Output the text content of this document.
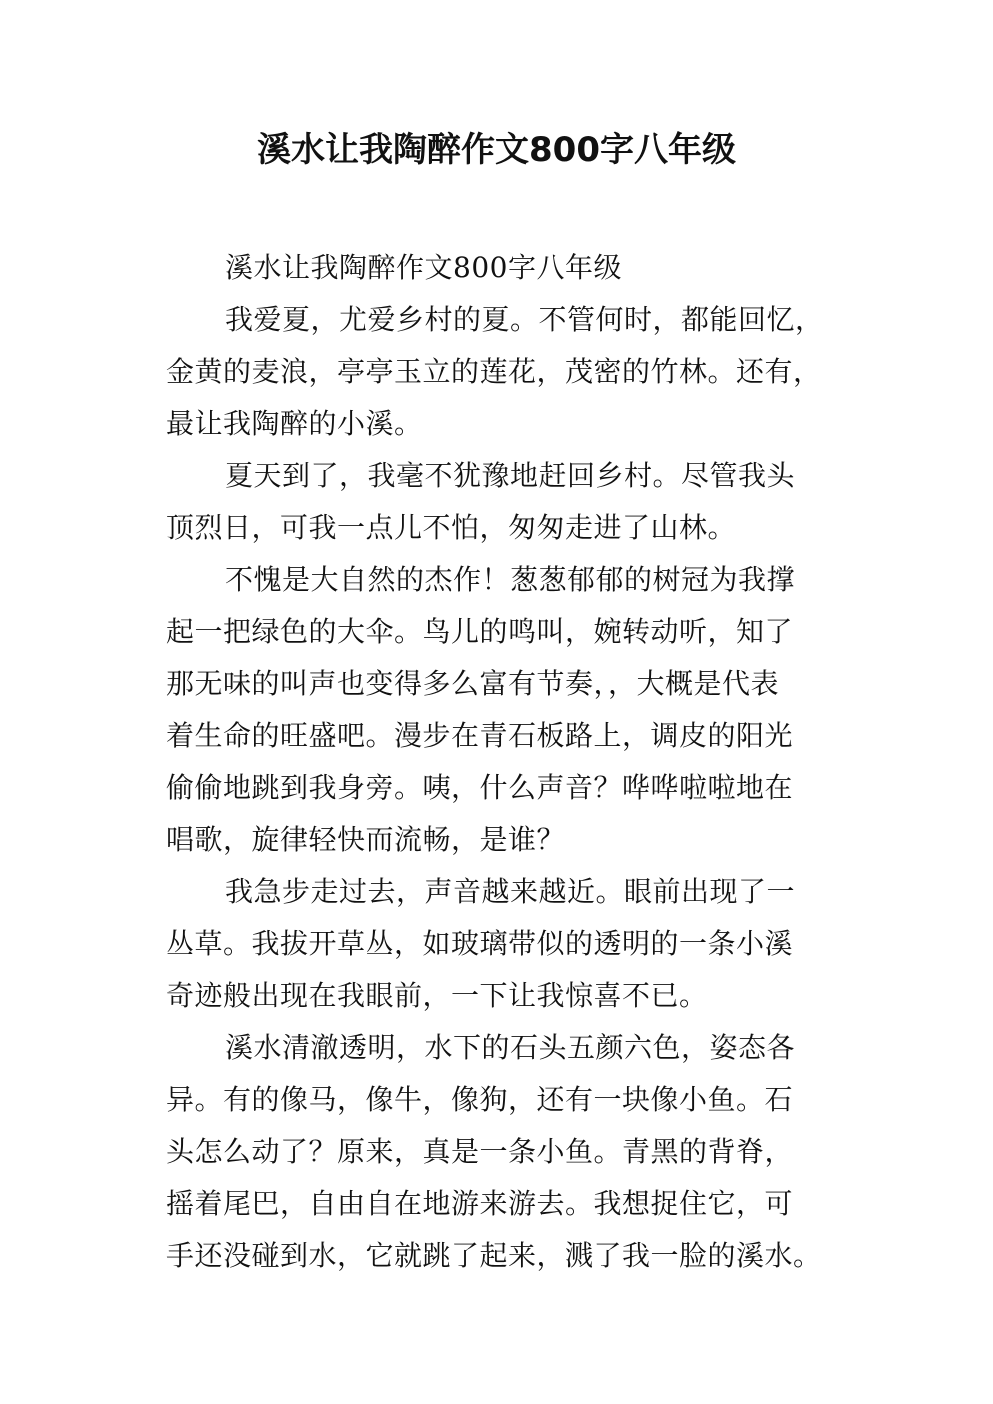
溪水让我陶醉作文800字八年级
溪水让我陶醉作文800字八年级
我爱夏，尤爱乡村的夏。不管何时，都能回忆，
金黄的麦浪，亭亭玉立的莲花，茂密的竹林。还有，
最让我陶醉的小溪。
夏天到了，我毫不犹豫地赶回乡村。尽管我头
顶烈日，可我一点儿不怕，匆匆走进了山林。
不愧是大自然的杰作！葱葱郁郁的树冠为我撑
起一把绿色的大伞。鸟儿的鸣叫，婉转动听，知了
那无味的叫声也变得多么富有节奏，，大概是代表
着生命的旺盛吧。漫步在青石板路上，调皮的阳光
偷偷地跳到我身旁。咦，什么声音？哗哗啦啦地在
唱歌，旋律轻快而流畅，是谁？
我急步走过去，声音越来越近。眼前出现了一
丛草。我拔开草丛，如玻璃带似的透明的一条小溪
奇迹般出现在我眼前，一下让我惊喜不已。
溪水清澈透明，水下的石头五颜六色，姿态各
异。有的像马，像牛，像狗，还有一块像小鱼。石
头怎么动了？原来，真是一条小鱼。青黑的背脊，
摇着尾巴，自由自在地游来游去。我想捉住它，可
手还没碰到水，它就跳了起来，溅了我一脸的溪水。
